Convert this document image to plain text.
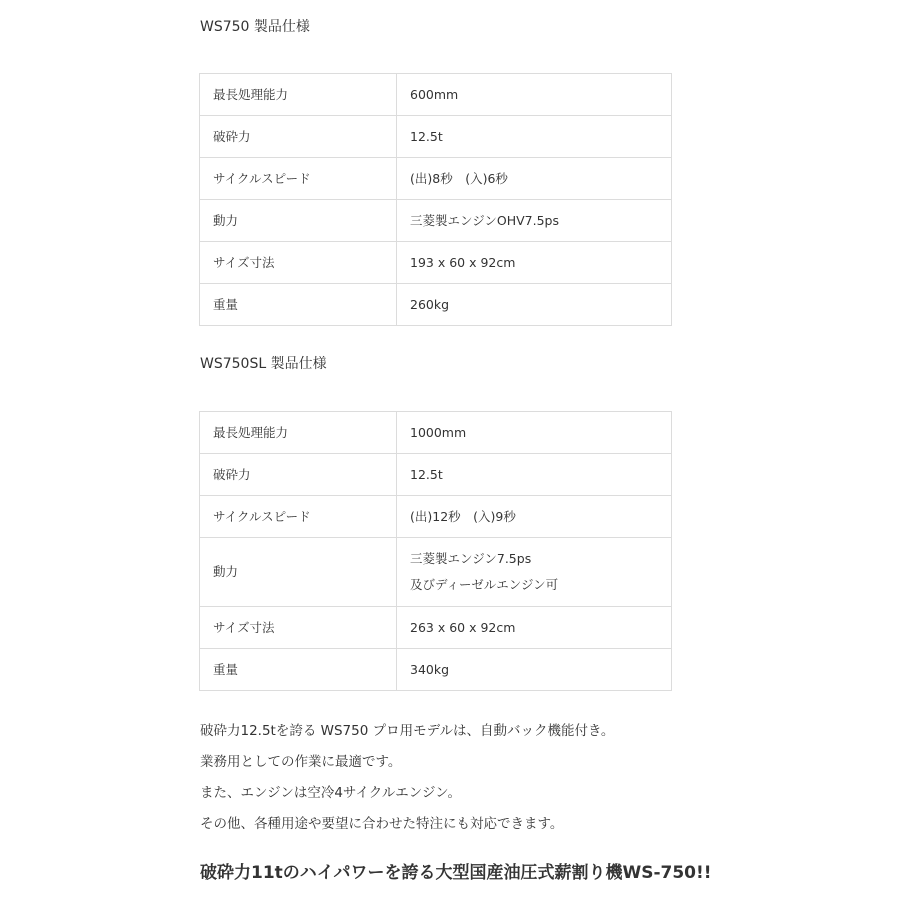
WS750 製品仕様
最長処理能力	600mm
破砕力	12.5t
サイクルスピード	(出)8秒　(入)6秒
動力	三菱製エンジンOHV7.5ps
サイズ寸法	193 x 60 x 92cm
重量	260kg
WS750SL 製品仕様
最長処理能力	1000mm
破砕力	12.5t
サイクルスピード	(出)12秒　(入)9秒
動力	三菱製エンジン7.5ps
及びディーゼルエンジン可

サイズ寸法	263 x 60 x 92cm
重量	340kg

破砕力12.5tを誇る WS750 プロ用モデルは、自動バック機能付き。

業務用としての作業に最適です。

また、エンジンは空冷4サイクルエンジン。

その他、各種用途や要望に合わせた特注にも対応できます。

破砕力11tのハイパワーを誇る大型国産油圧式薪割り機WS-750!!
